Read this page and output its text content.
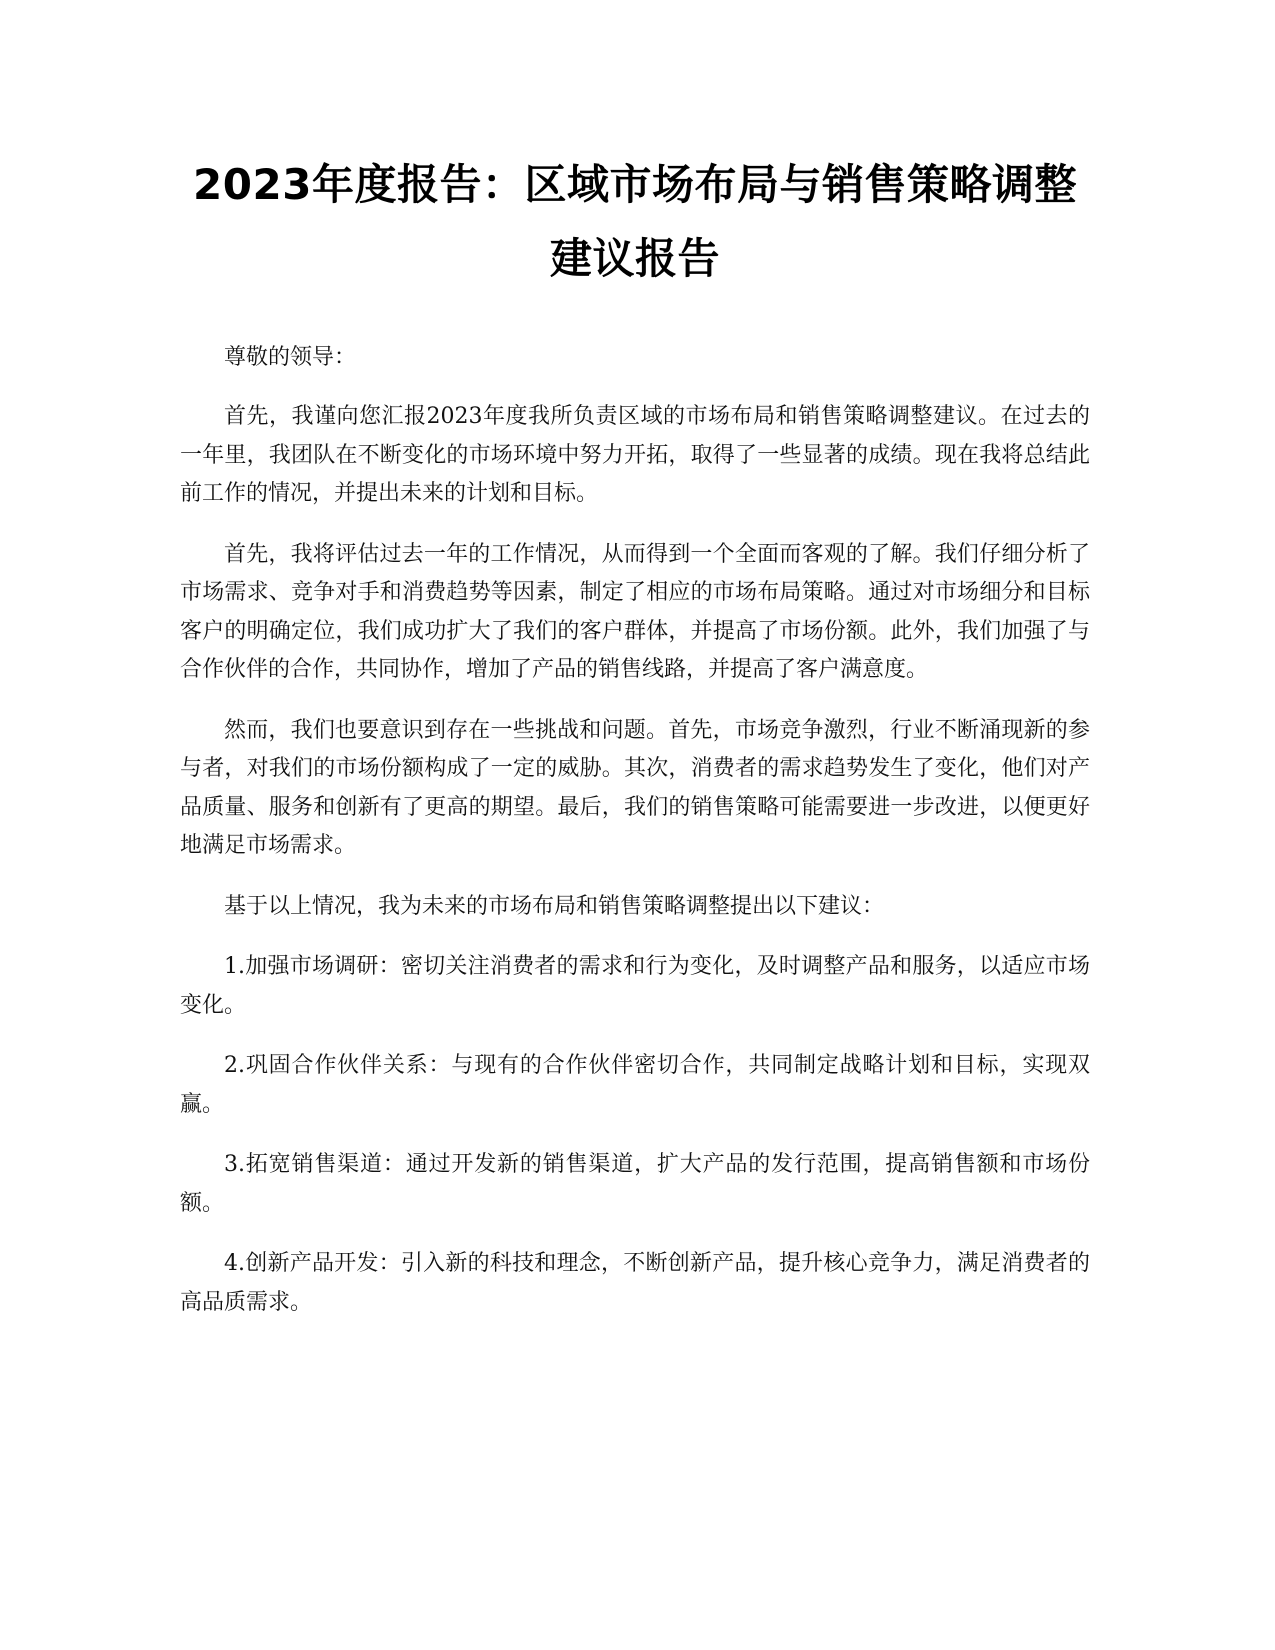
2023年度报告：区域市场布局与销售策略调整建议报告

尊敬的领导：

首先，我谨向您汇报2023年度我所负责区域的市场布局和销售策略调整建议。在过去的一年里，我团队在不断变化的市场环境中努力开拓，取得了一些显著的成绩。现在我将总结此前工作的情况，并提出未来的计划和目标。

首先，我将评估过去一年的工作情况，从而得到一个全面而客观的了解。我们仔细分析了市场需求、竞争对手和消费趋势等因素，制定了相应的市场布局策略。通过对市场细分和目标客户的明确定位，我们成功扩大了我们的客户群体，并提高了市场份额。此外，我们加强了与合作伙伴的合作，共同协作，增加了产品的销售线路，并提高了客户满意度。

然而，我们也要意识到存在一些挑战和问题。首先，市场竞争激烈，行业不断涌现新的参与者，对我们的市场份额构成了一定的威胁。其次，消费者的需求趋势发生了变化，他们对产品质量、服务和创新有了更高的期望。最后，我们的销售策略可能需要进一步改进，以便更好地满足市场需求。

基于以上情况，我为未来的市场布局和销售策略调整提出以下建议：

1.加强市场调研：密切关注消费者的需求和行为变化，及时调整产品和服务，以适应市场变化。

2.巩固合作伙伴关系：与现有的合作伙伴密切合作，共同制定战略计划和目标，实现双赢。

3.拓宽销售渠道：通过开发新的销售渠道，扩大产品的发行范围，提高销售额和市场份额。

4.创新产品开发：引入新的科技和理念，不断创新产品，提升核心竞争力，满足消费者的高品质需求。
